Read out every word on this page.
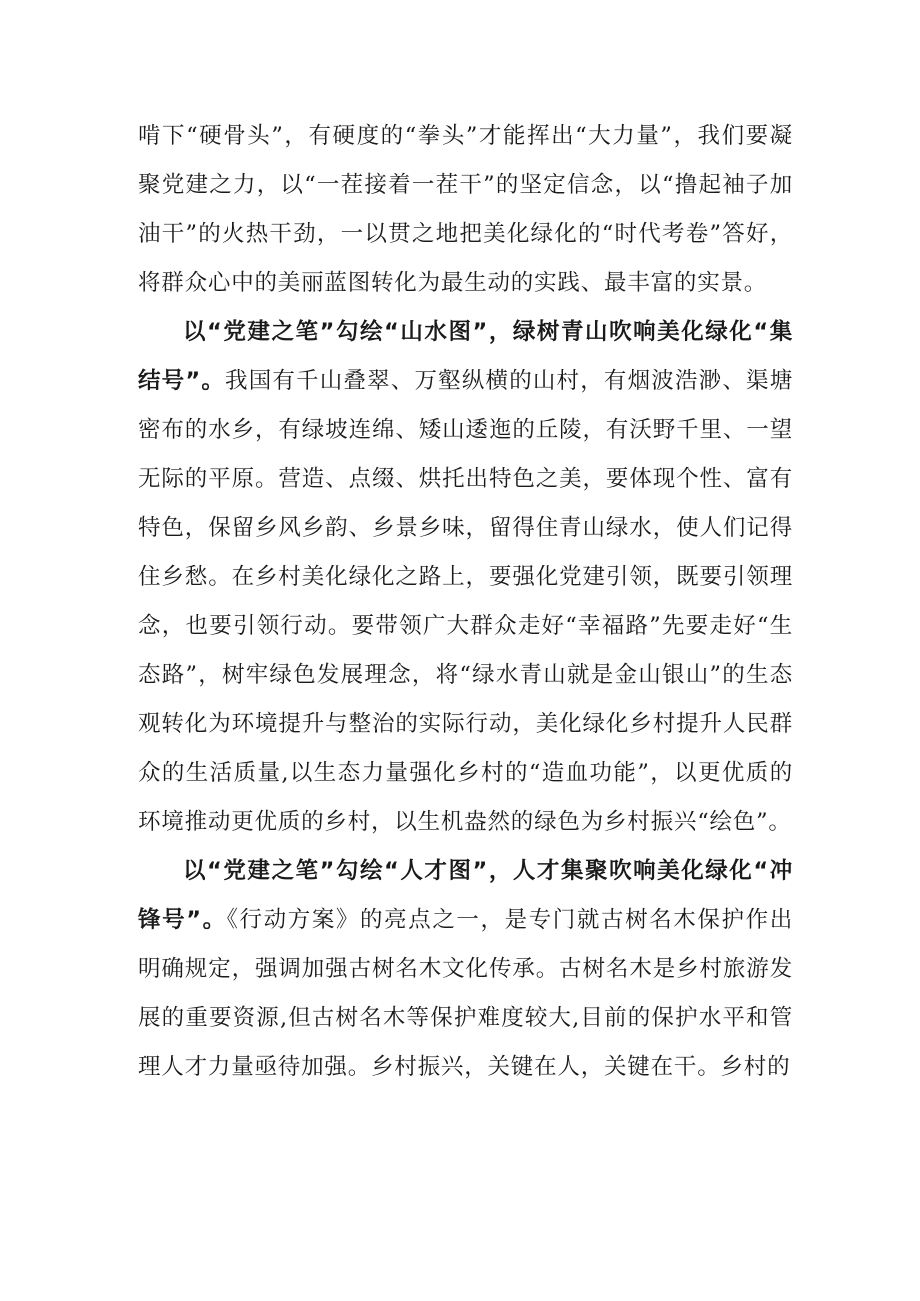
啃下“硬骨头”，有硬度的“拳头”才能挥出“大力量”，我们要凝聚党建之力，以“一茬接着一茬干”的坚定信念，以“撸起袖子加油干”的火热干劲，一以贯之地把美化绿化的“时代考卷”答好，将群众心中的美丽蓝图转化为最生动的实践、最丰富的实景。

以“党建之笔”勾绘“山水图”，绿树青山吹响美化绿化“集结号”。我国有千山叠翠、万壑纵横的山村，有烟波浩渺、渠塘密布的水乡，有绿坡连绵、矮山逶迤的丘陵，有沃野千里、一望无际的平原。营造、点缀、烘托出特色之美，要体现个性、富有特色，保留乡风乡韵、乡景乡味，留得住青山绿水，使人们记得住乡愁。在乡村美化绿化之路上，要强化党建引领，既要引领理念，也要引领行动。要带领广大群众走好“幸福路”先要走好“生态路”，树牢绿色发展理念，将“绿水青山就是金山银山”的生态观转化为环境提升与整治的实际行动，美化绿化乡村提升人民群众的生活质量,以生态力量强化乡村的“造血功能”，以更优质的环境推动更优质的乡村，以生机盎然的绿色为乡村振兴“绘色”。

以“党建之笔”勾绘“人才图”，人才集聚吹响美化绿化“冲锋号”。《行动方案》的亮点之一，是专门就古树名木保护作出明确规定，强调加强古树名木文化传承。古树名木是乡村旅游发展的重要资源,但古树名木等保护难度较大,目前的保护水平和管理人才力量亟待加强。乡村振兴，关键在人，关键在干。乡村的
